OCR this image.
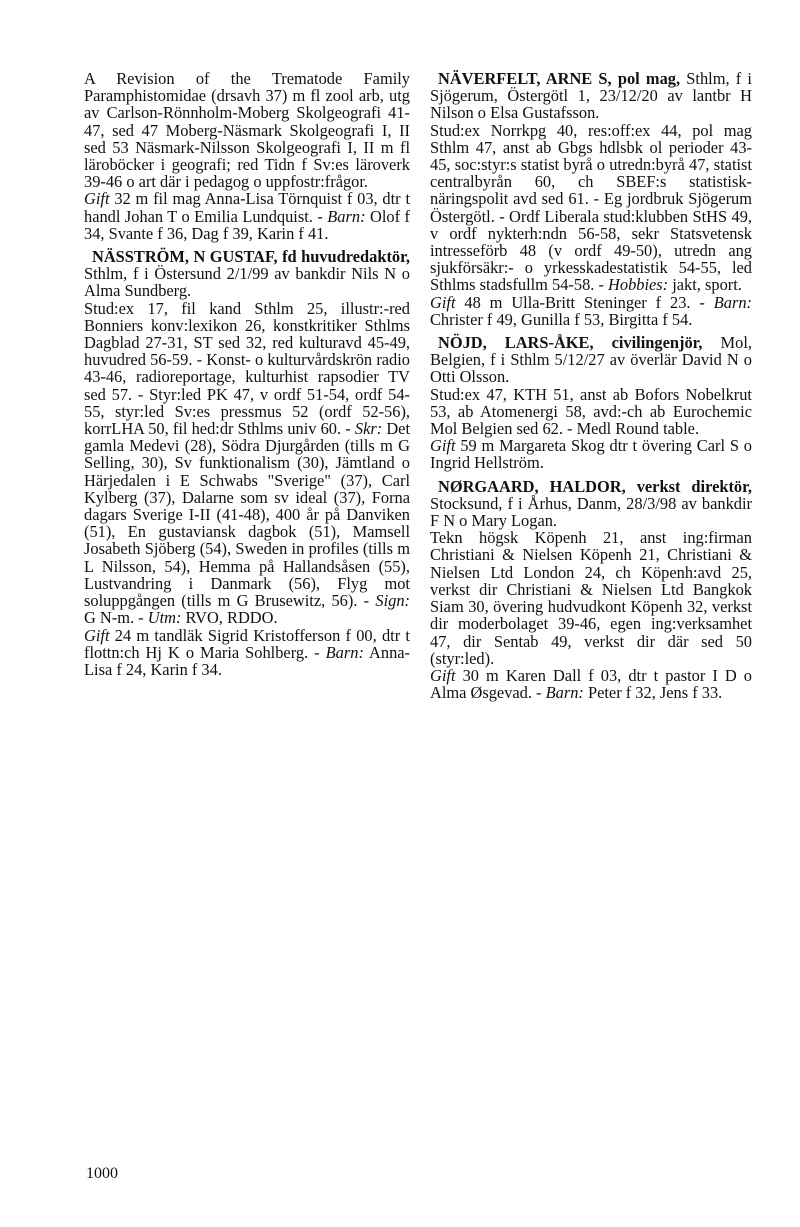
A Revision of the Trematode Family Paramphistomidae (drsavh 37) m fl zool arb, utg av Carlson-Rönnholm-Moberg Skolgeografi 41-47, sed 47 Moberg-Näsmark Skolgeografi I, II sed 53 Näsmark-Nilsson Skolgeografi I, II m fl läroböcker i geografi; red Tidn f Sv:es läroverk 39-46 o art där i pedagog o uppfostr:frågor.

Gift 32 m fil mag Anna-Lisa Törnquist f 03, dtr t handl Johan T o Emilia Lundquist. - Barn: Olof f 34, Svante f 36, Dag f 39, Karin f 41.

NÄSSTRÖM, N GUSTAF, fd huvudredaktör, Sthlm, f i Östersund 2/1/99 av bankdir Nils N o Alma Sundberg.

Stud:ex 17, fil kand Sthlm 25, illustr:-red Bonniers konv:lexikon 26, konstkritiker Sthlms Dagblad 27-31, ST sed 32, red kulturavd 45-49, huvudred 56-59. - Konst- o kulturvårdskrön radio 43-46, radioreportage, kulturhist rapsodier TV sed 57. - Styr:led PK 47, v ordf 51-54, ordf 54-55, styr:led Sv:es pressmus 52 (ordf 52-56), korrLHA 50, fil hed:dr Sthlms univ 60. - Skr: Det gamla Medevi (28), Södra Djurgården (tills m G Selling, 30), Sv funktionalism (30), Jämtland o Härjedalen i E Schwabs "Sverige" (37), Carl Kylberg (37), Dalarne som sv ideal (37), Forna dagars Sverige I-II (41-48), 400 år på Danviken (51), En gustaviansk dagbok (51), Mamsell Josabeth Sjöberg (54), Sweden in profiles (tills m L Nilsson, 54), Hemma på Hallandsåsen (55), Lustvandring i Danmark (56), Flyg mot soluppgången (tills m G Brusewitz, 56). - Sign: G N-m. - Utm: RVO, RDDO.

Gift 24 m tandläk Sigrid Kristofferson f 00, dtr t flottn:ch Hj K o Maria Sohlberg. - Barn: Anna-Lisa f 24, Karin f 34.

NÄVERFELT, ARNE S, pol mag, Sthlm, f i Sjögerum, Östergötl 1, 23/12/20 av lantbr H Nilson o Elsa Gustafsson.

Stud:ex Norrkpg 40, res:off:ex 44, pol mag Sthlm 47, anst ab Gbgs hdlsbk ol perioder 43-45, soc:styr:s statist byrå o utredn:byrå 47, statist centralbyrån 60, ch SBEF:s statistisk-näringspolit avd sed 61. - Eg jordbruk Sjögerum Östergötl. - Ordf Liberala stud:klubben StHS 49, v ordf nykterh:ndn 56-58, sekr Statsvetensk intresseförb 48 (v ordf 49-50), utredn ang sjukförsäkr:- o yrkesskadestatistik 54-55, led Sthlms stadsfullm 54-58. - Hobbies: jakt, sport.

Gift 48 m Ulla-Britt Steninger f 23. - Barn: Christer f 49, Gunilla f 53, Birgitta f 54.

NÖJD, LARS-ÅKE, civilingenjör, Mol, Belgien, f i Sthlm 5/12/27 av överlär David N o Otti Olsson.

Stud:ex 47, KTH 51, anst ab Bofors Nobelkrut 53, ab Atomenergi 58, avd:-ch ab Eurochemic Mol Belgien sed 62. - Medl Round table.

Gift 59 m Margareta Skog dtr t övering Carl S o Ingrid Hellström.

NØRGAARD, HALDOR, verkst direktör, Stocksund, f i Århus, Danm, 28/3/98 av bankdir F N o Mary Logan.

Tekn högsk Köpenh 21, anst ing:firman Christiani & Nielsen Köpenh 21, Christiani & Nielsen Ltd London 24, ch Köpenh:avd 25, verkst dir Christiani & Nielsen Ltd Bangkok Siam 30, övering hudvudkont Köpenh 32, verkst dir moderbolaget 39-46, egen ing:verksamhet 47, dir Sentab 49, verkst dir där sed 50 (styr:led).

Gift 30 m Karen Dall f 03, dtr t pastor I D o Alma Øsgevad. - Barn: Peter f 32, Jens f 33.

1000
